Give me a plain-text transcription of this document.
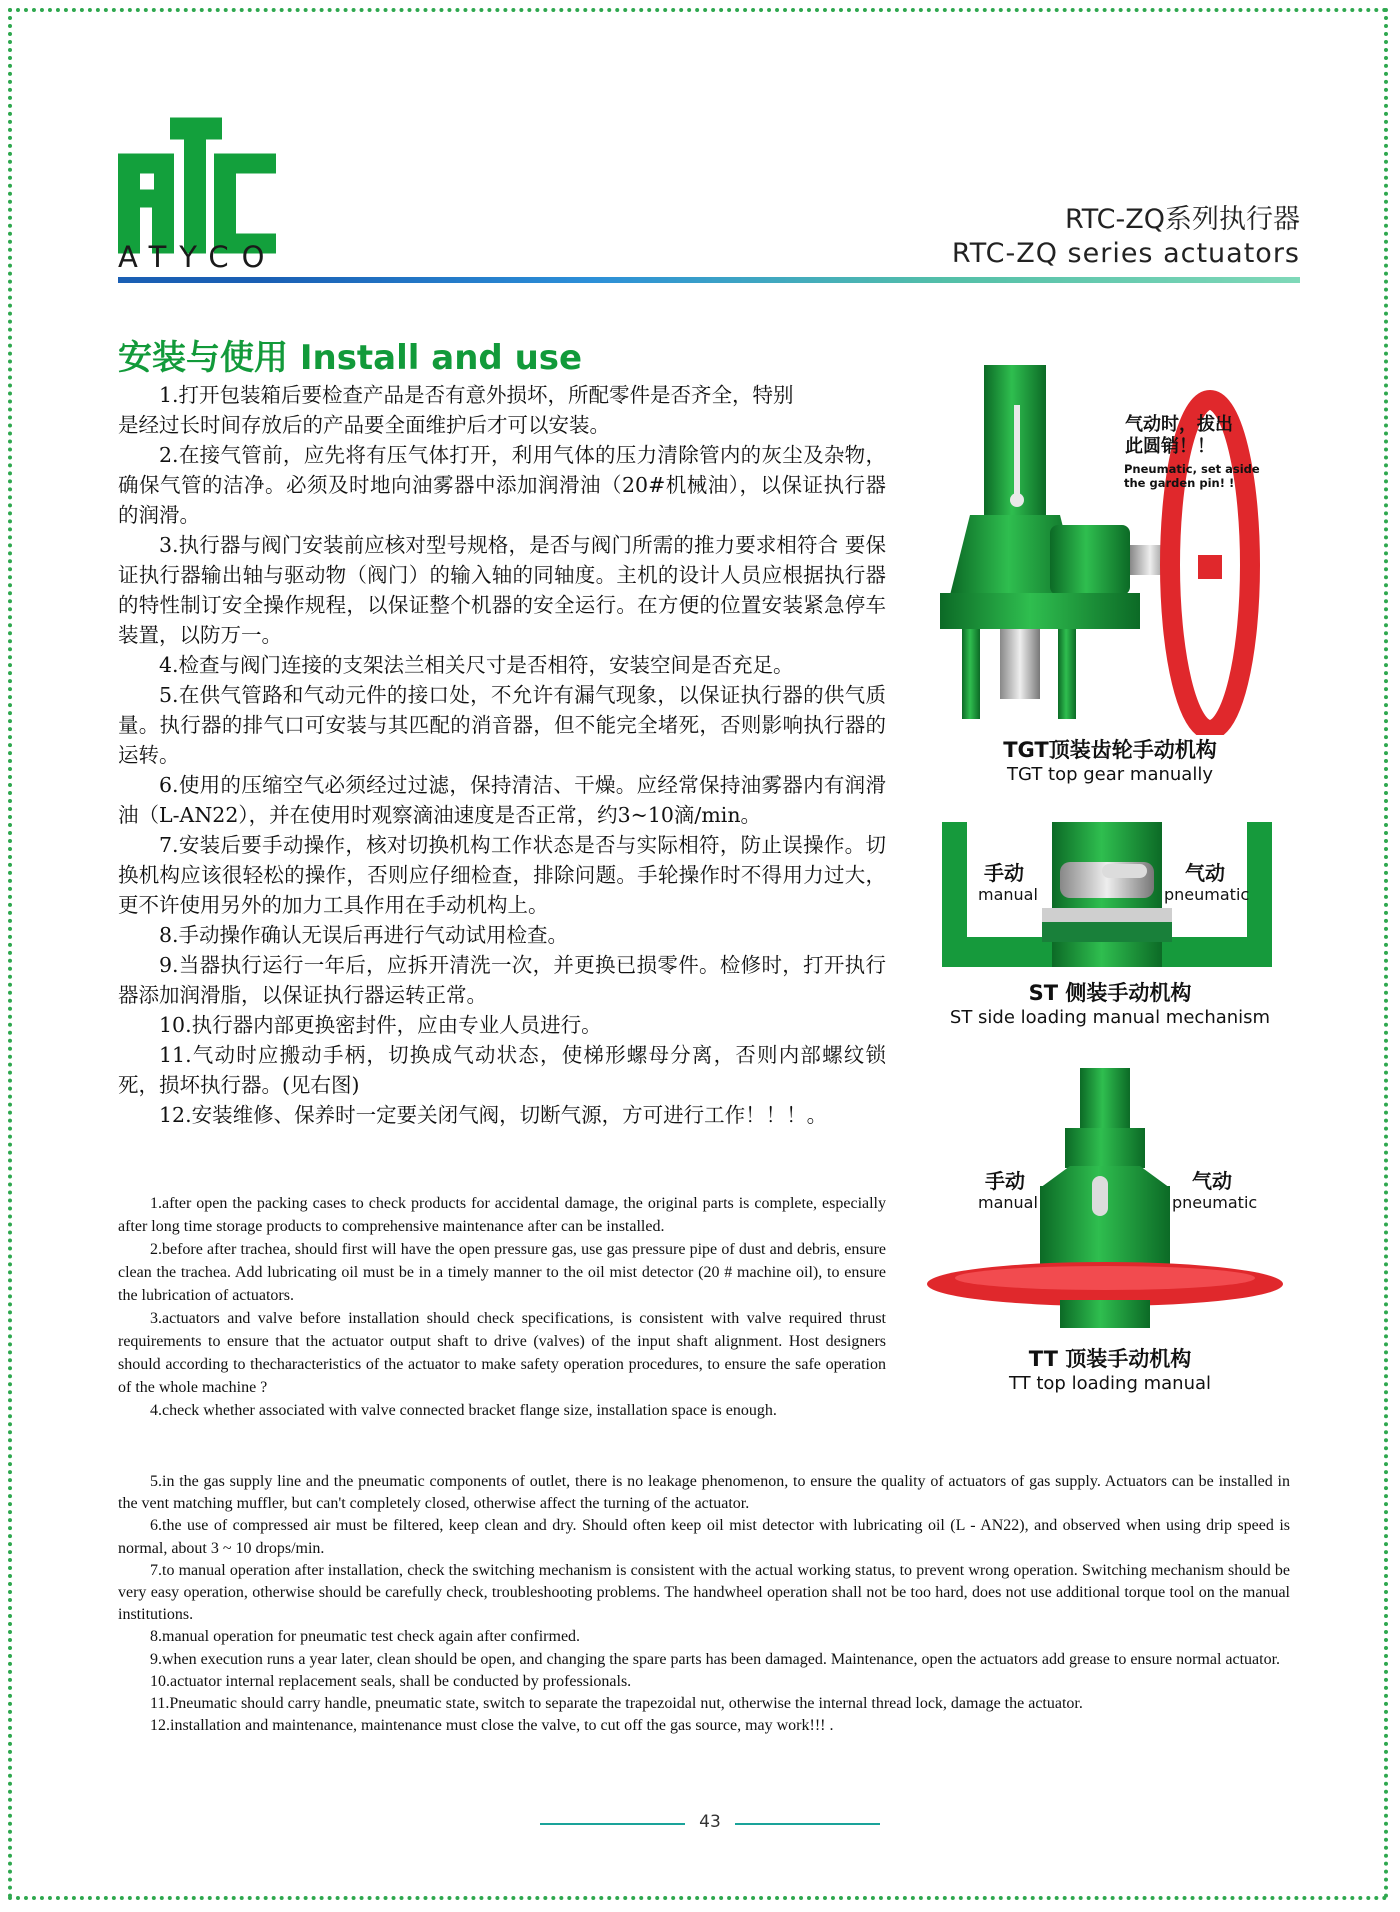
ATYCO
RTC-ZQ系列执行器
RTC-ZQ series actuators
安装与使用 Install and use

1.打开包装箱后要检查产品是否有意外损坏，所配零件是否齐全，特别

是经过长时间存放后的产品要全面维护后才可以安装。

2.在接气管前，应先将有压气体打开，利用气体的压力清除管内的灰尘及杂物，确保气管的洁净。必须及时地向油雾器中添加润滑油（20#机械油），以保证执行器的润滑。

3.执行器与阀门安装前应核对型号规格，是否与阀门所需的推力要求相符合 要保证执行器输出轴与驱动物（阀门）的输入轴的同轴度。主机的设计人员应根据执行器的特性制订安全操作规程，以保证整个机器的安全运行。在方便的位置安装紧急停车装置，以防万一。

4.检查与阀门连接的支架法兰相关尺寸是否相符，安装空间是否充足。

5.在供气管路和气动元件的接口处，不允许有漏气现象，以保证执行器的供气质量。执行器的排气口可安装与其匹配的消音器，但不能完全堵死，否则影响执行器的运转。

6.使用的压缩空气必须经过过滤，保持清洁、干燥。应经常保持油雾器内有润滑油（L-AN22），并在使用时观察滴油速度是否正常，约3~10滴/min。

7.安装后要手动操作，核对切换机构工作状态是否与实际相符，防止误操作。切换机构应该很轻松的操作，否则应仔细检查，排除问题。手轮操作时不得用力过大，更不许使用另外的加力工具作用在手动机构上。

8.手动操作确认无误后再进行气动试用检查。

9.当器执行运行一年后，应拆开清洗一次，并更换已损零件。检修时，打开执行器添加润滑脂，以保证执行器运转正常。

10.执行器内部更换密封件，应由专业人员进行。

11.气动时应搬动手柄，切换成气动状态，使梯形螺母分离，否则内部螺纹锁死，损坏执行器。(见右图)

12.安装维修、保养时一定要关闭气阀，切断气源，方可进行工作！！！。

1.after open the packing cases to check products for accidental damage, the original parts is complete, especially after long time storage products to comprehensive maintenance after can be installed.

2.before after trachea, should first will have the open pressure gas, use gas pressure pipe of dust and debris, ensure clean the trachea. Add lubricating oil must be in a timely manner to the oil mist detector (20 # machine oil), to ensure the lubrication of actuators.

3.actuators and valve before installation should check specifications, is consistent with valve required thrust requirements to ensure that the actuator output shaft to drive (valves) of the input shaft alignment. Host designers should according to thecharacteristics of the actuator to make safety operation procedures, to ensure the safe operation of the whole machine ?

4.check whether associated with valve connected bracket flange size, installation space is enough.

5.in the gas supply line and the pneumatic components of outlet, there is no leakage phenomenon, to ensure the quality of actuators of gas supply. Actuators can be installed in the vent matching muffler, but can't completely closed, otherwise affect the turning of the actuator.

6.the use of compressed air must be filtered, keep clean and dry. Should often keep oil mist detector with lubricating oil (L - AN22), and observed when using drip speed is normal, about 3 ~ 10 drops/min.

7.to manual operation after installation, check the switching mechanism is consistent with the actual working status, to prevent wrong operation. Switching mechanism should be very easy operation, otherwise should be carefully check, troubleshooting problems. The handwheel operation shall not be too hard, does not use additional torque tool on the manual institutions.

8.manual operation for pneumatic test check again after confirmed.

9.when execution runs a year later, clean should be open, and changing the spare parts has been damaged. Maintenance, open the actuators add grease to ensure normal actuator.

10.actuator internal replacement seals, shall be conducted by professionals.

11.Pneumatic should carry handle, pneumatic state, switch to separate the trapezoidal nut, otherwise the internal thread lock, damage the actuator.

12.installation and maintenance, maintenance must close the valve, to cut off the gas source, may work!!! .

气动时，拔出此圆销！！
Pneumatic, set aside the garden pin! !
TGT顶装齿轮手动机构
TGT top gear manually
手动
manual
气动
pneumatic
ST 侧装手动机构
ST side loading manual mechanism
手动
manual
气动
pneumatic
TT 顶装手动机构
TT top loading manual
43
